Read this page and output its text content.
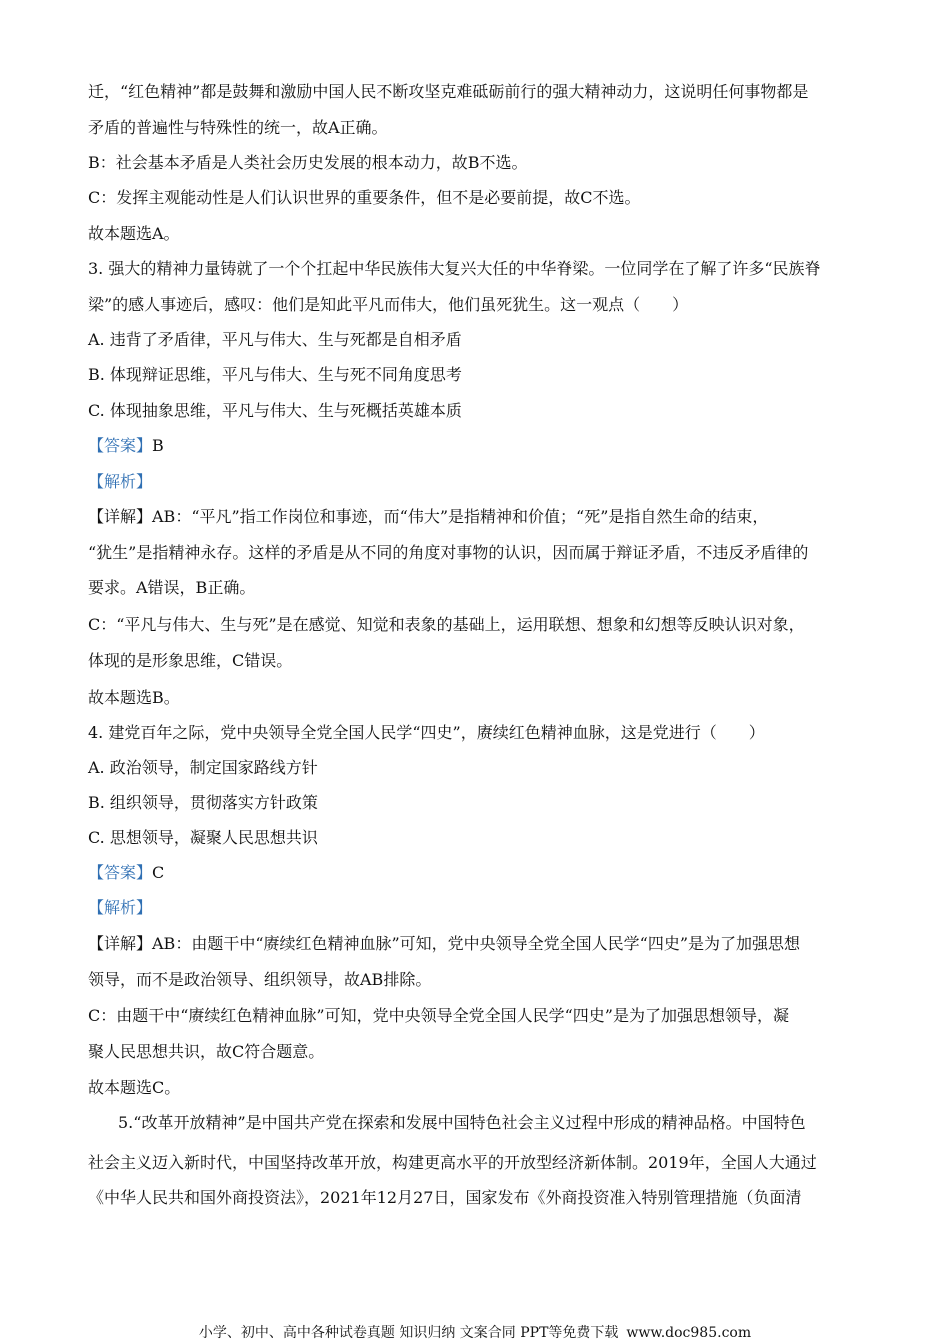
迁，“红色精神”都是鼓舞和激励中国人民不断攻坚克难砥砺前行的强大精神动力，这说明任何事物都是
矛盾的普遍性与特殊性的统一，故A正确。
B：社会基本矛盾是人类社会历史发展的根本动力，故B不选。
C：发挥主观能动性是人们认识世界的重要条件，但不是必要前提，故C不选。
故本题选A。
3. 强大的精神力量铸就了一个个扛起中华民族伟大复兴大任的中华脊梁。一位同学在了解了许多“民族脊
梁”的感人事迹后，感叹：他们是知此平凡而伟大，他们虽死犹生。这一观点（　　）
A. 违背了矛盾律，平凡与伟大、生与死都是自相矛盾
B. 体现辩证思维，平凡与伟大、生与死不同角度思考
C. 体现抽象思维，平凡与伟大、生与死概括英雄本质
【答案】B
【解析】
【详解】AB：“平凡”指工作岗位和事迹，而“伟大”是指精神和价值；“死”是指自然生命的结束，
“犹生”是指精神永存。这样的矛盾是从不同的角度对事物的认识，因而属于辩证矛盾，不违反矛盾律的
要求。A错误，B正确。
C：“平凡与伟大、生与死”是在感觉、知觉和表象的基础上，运用联想、想象和幻想等反映认识对象，
体现的是形象思维，C错误。
故本题选B。
4. 建党百年之际，党中央领导全党全国人民学“四史”，赓续红色精神血脉，这是党进行（　　）
A. 政治领导，制定国家路线方针
B. 组织领导，贯彻落实方针政策
C. 思想领导，凝聚人民思想共识
【答案】C
【解析】
【详解】AB：由题干中“赓续红色精神血脉”可知，党中央领导全党全国人民学“四史”是为了加强思想
领导，而不是政治领导、组织领导，故AB排除。
C：由题干中“赓续红色精神血脉”可知，党中央领导全党全国人民学“四史”是为了加强思想领导，凝
聚人民思想共识，故C符合题意。
故本题选C。
5.“改革开放精神”是中国共产党在探索和发展中国特色社会主义过程中形成的精神品格。中国特色
社会主义迈入新时代，中国坚持改革开放，构建更高水平的开放型经济新体制。2019年，全国人大通过
《中华人民共和国外商投资法》，2021年12月27日，国家发布《外商投资准入特别管理措施（负面清
小学、初中、高中各种试卷真题 知识归纳 文案合同 PPT等免费下载 www.doc985.com
